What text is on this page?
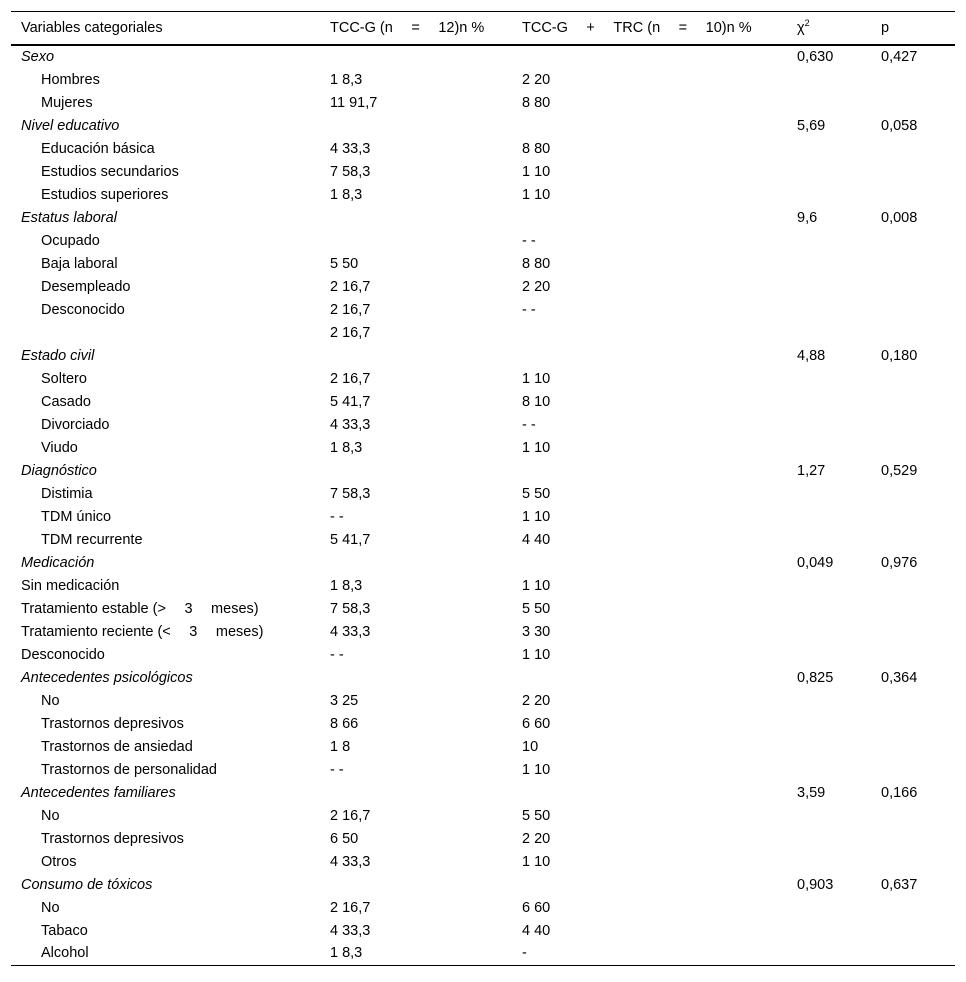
Variables categoriales	TCC-G (n  =  12)n %	TCC-G  +  TRC (n  =  10)n %	$\chi^2$	p
Sexo			0,630	0,427
Hombres	1 8,3	2 20		
Mujeres	11 91,7	8 80		
Nivel educativo			5,69	0,058
Educación básica	4 33,3	8 80		
Estudios secundarios	7 58,3	1 10		
Estudios superiores	1 8,3	1 10		
Estatus laboral			9,6	0,008
Ocupado		- -		
Baja laboral	5 50	8 80		
Desempleado	2 16,7	2 20		
Desconocido	2 16,7	- -		
	2 16,7			
Estado civil			4,88	0,180
Soltero	2 16,7	1 10		
Casado	5 41,7	8 10		
Divorciado	4 33,3	- -		
Viudo	1 8,3	1 10		
Diagnóstico			1,27	0,529
Distimia	7 58,3	5 50		
TDM único	- -	1 10		
TDM recurrente	5 41,7	4 40		
Medicación			0,049	0,976
Sin medicación	1 8,3	1 10		
Tratamiento estable (>  3  meses)	7 58,3	5 50		
Tratamiento reciente (<  3  meses)	4 33,3	3 30		
Desconocido	- -	1 10		
Antecedentes psicológicos			0,825	0,364
No	3 25	2 20		
Trastornos depresivos	8 66	6 60		
Trastornos de ansiedad	1 8	10		
Trastornos de personalidad	- -	1 10		
Antecedentes familiares			3,59	0,166
No	2 16,7	5 50		
Trastornos depresivos	6 50	2 20		
Otros	4 33,3	1 10		
Consumo de tóxicos			0,903	0,637
No	2 16,7	6 60		
Tabaco	4 33,3	4 40		
Alcohol	1 8,3	-		
